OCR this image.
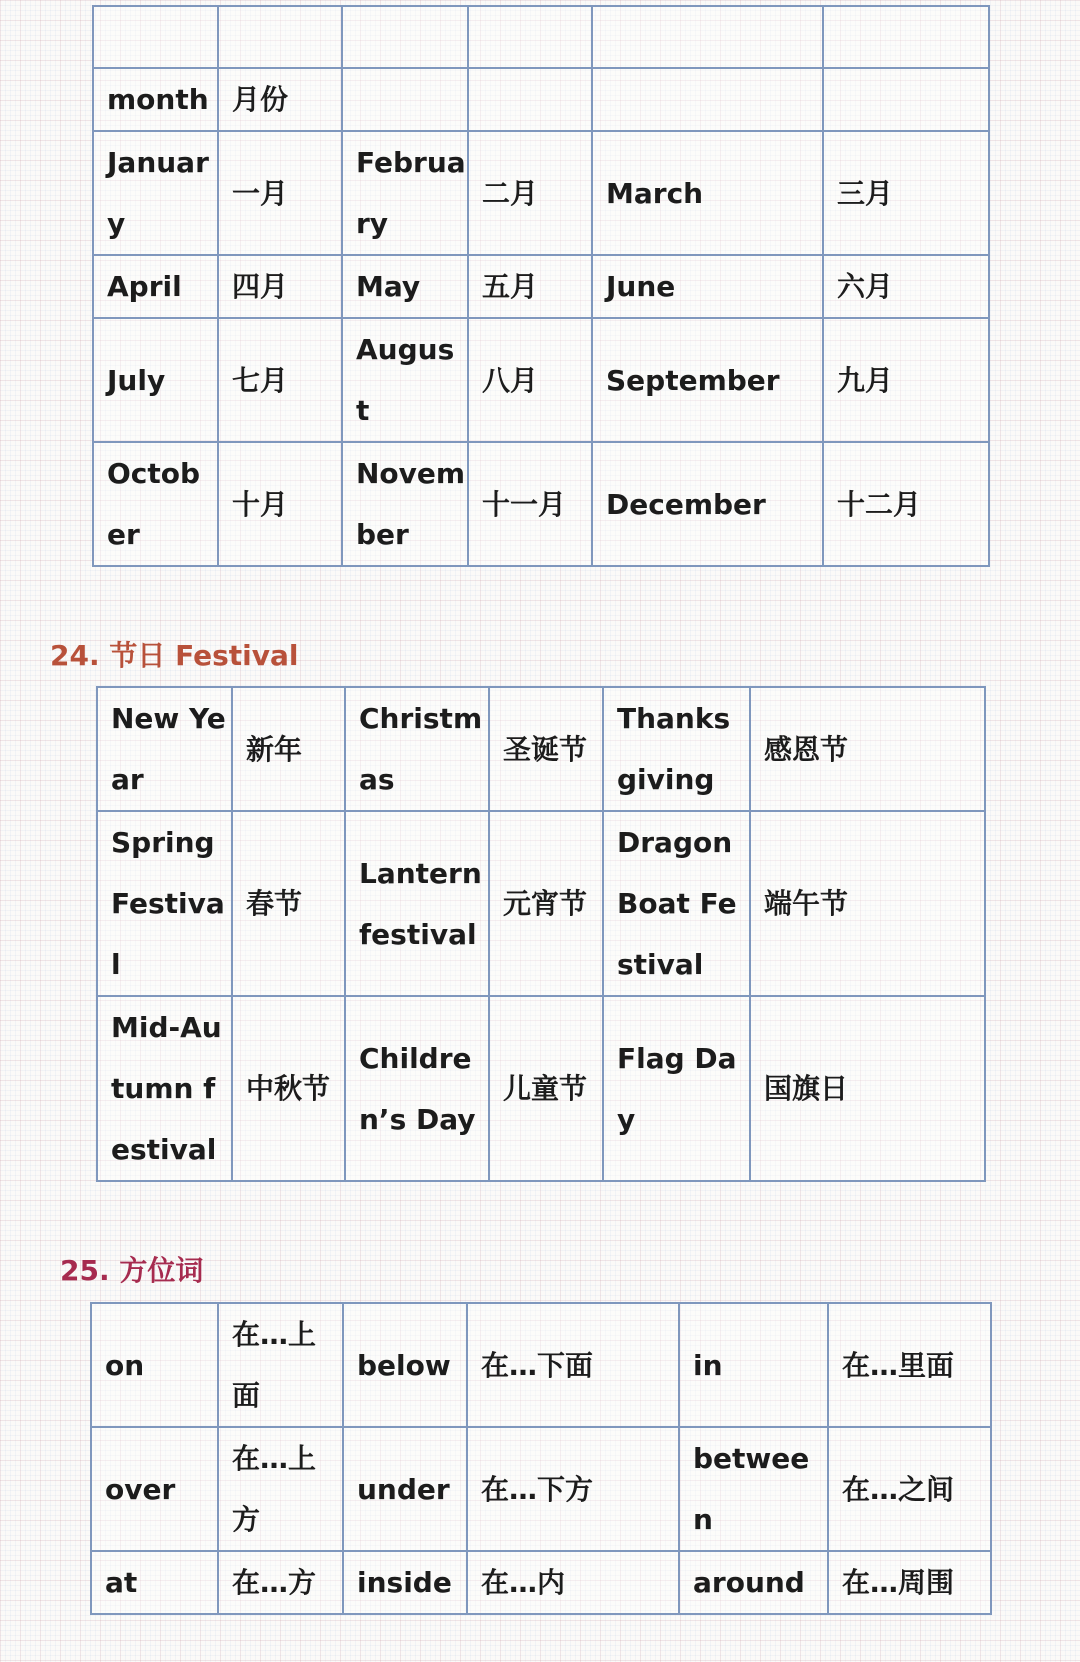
month	月份				
January	一月	February	二月	March	三月
April	四月	May	五月	June	六月
July	七月	August	八月	September	九月
October	十月	November	十一月	December	十二月
24. 节日 Festival
New Year	新年	Christmas	圣诞节	Thanksgiving	感恩节
Spring Festival	春节	Lantern festival	元宵节	Dragon Boat Festival	端午节
Mid-Autumn festival	中秋节	Children’s Day	儿童节	Flag Day	国旗日
25. 方位词
on	在…上面	below	在…下面	in	在…里面
over	在…上方	under	在…下方	between	在…之间
at	在…方	inside	在…内	around	在…周围
